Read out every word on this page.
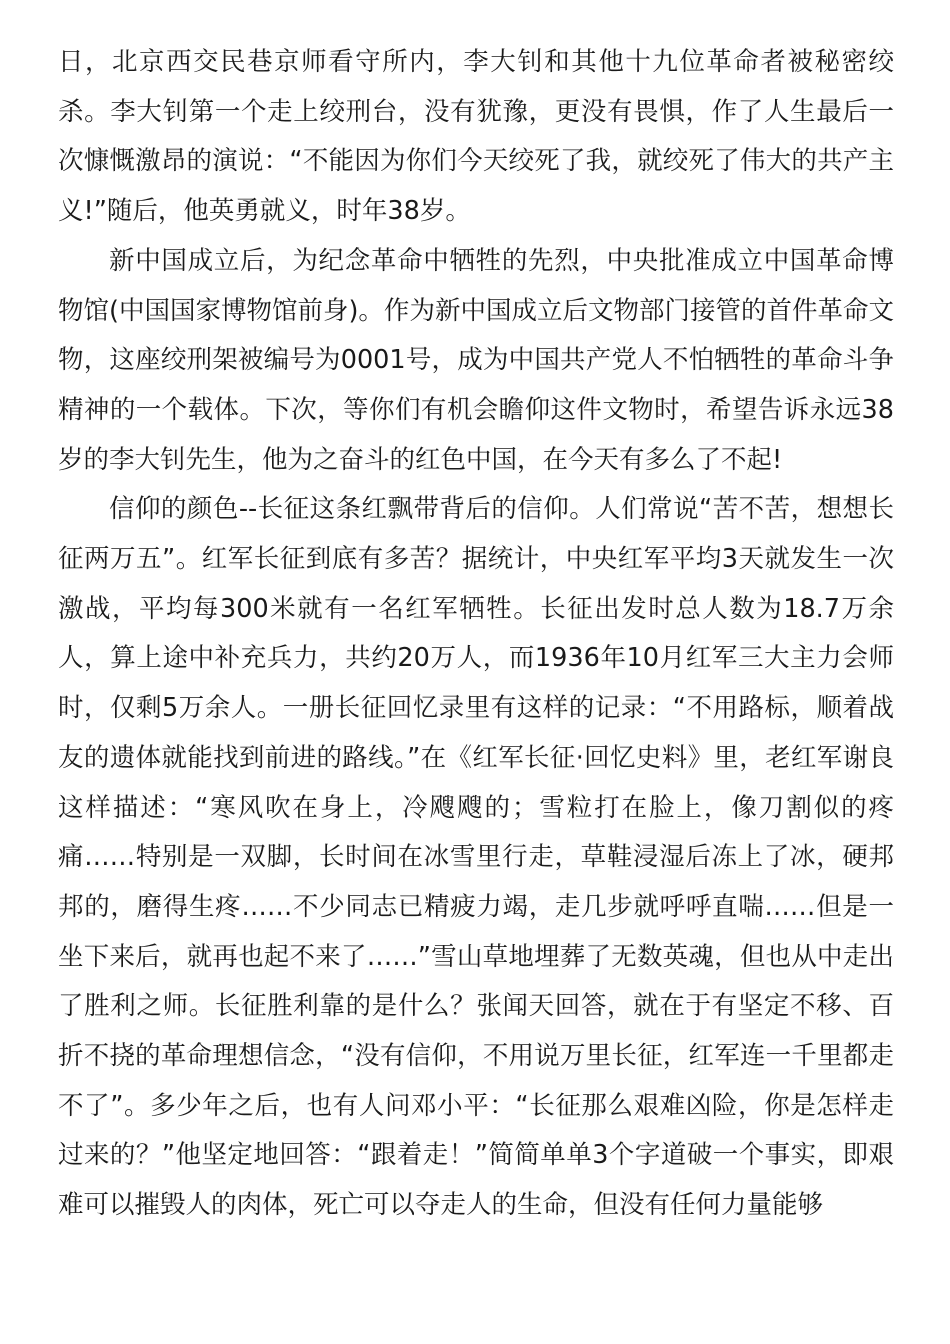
日，北京西交民巷京师看守所内，李大钊和其他十九位革命者被秘密绞杀。李大钊第一个走上绞刑台，没有犹豫，更没有畏惧，作了人生最后一次慷慨激昂的演说：“不能因为你们今天绞死了我，就绞死了伟大的共产主义!”随后，他英勇就义，时年38岁。

新中国成立后，为纪念革命中牺牲的先烈，中央批准成立中国革命博物馆(中国国家博物馆前身)。作为新中国成立后文物部门接管的首件革命文物，这座绞刑架被编号为0001号，成为中国共产党人不怕牺牲的革命斗争精神的一个载体。下次，等你们有机会瞻仰这件文物时，希望告诉永远38岁的李大钊先生，他为之奋斗的红色中国，在今天有多么了不起!

信仰的颜色--长征这条红飘带背后的信仰。人们常说“苦不苦，想想长征两万五”。红军长征到底有多苦？据统计，中央红军平均3天就发生一次激战，平均每300米就有一名红军牺牲。长征出发时总人数为18.7万余人，算上途中补充兵力，共约20万人，而1936年10月红军三大主力会师时，仅剩5万余人。一册长征回忆录里有这样的记录：“不用路标，顺着战友的遗体就能找到前进的路线。”在《红军长征·回忆史料》里，老红军谢良这样描述：“寒风吹在身上，冷飕飕的；雪粒打在脸上，像刀割似的疼痛……特别是一双脚，长时间在冰雪里行走，草鞋浸湿后冻上了冰，硬邦邦的，磨得生疼……不少同志已精疲力竭，走几步就呼呼直喘……但是一坐下来后，就再也起不来了……”雪山草地埋葬了无数英魂，但也从中走出了胜利之师。长征胜利靠的是什么？张闻天回答，就在于有坚定不移、百折不挠的革命理想信念，“没有信仰，不用说万里长征，红军连一千里都走不了”。多少年之后，也有人问邓小平：“长征那么艰难凶险，你是怎样走过来的？”他坚定地回答：“跟着走！”简简单单3个字道破一个事实，即艰难可以摧毁人的肉体，死亡可以夺走人的生命，但没有任何力量能够
